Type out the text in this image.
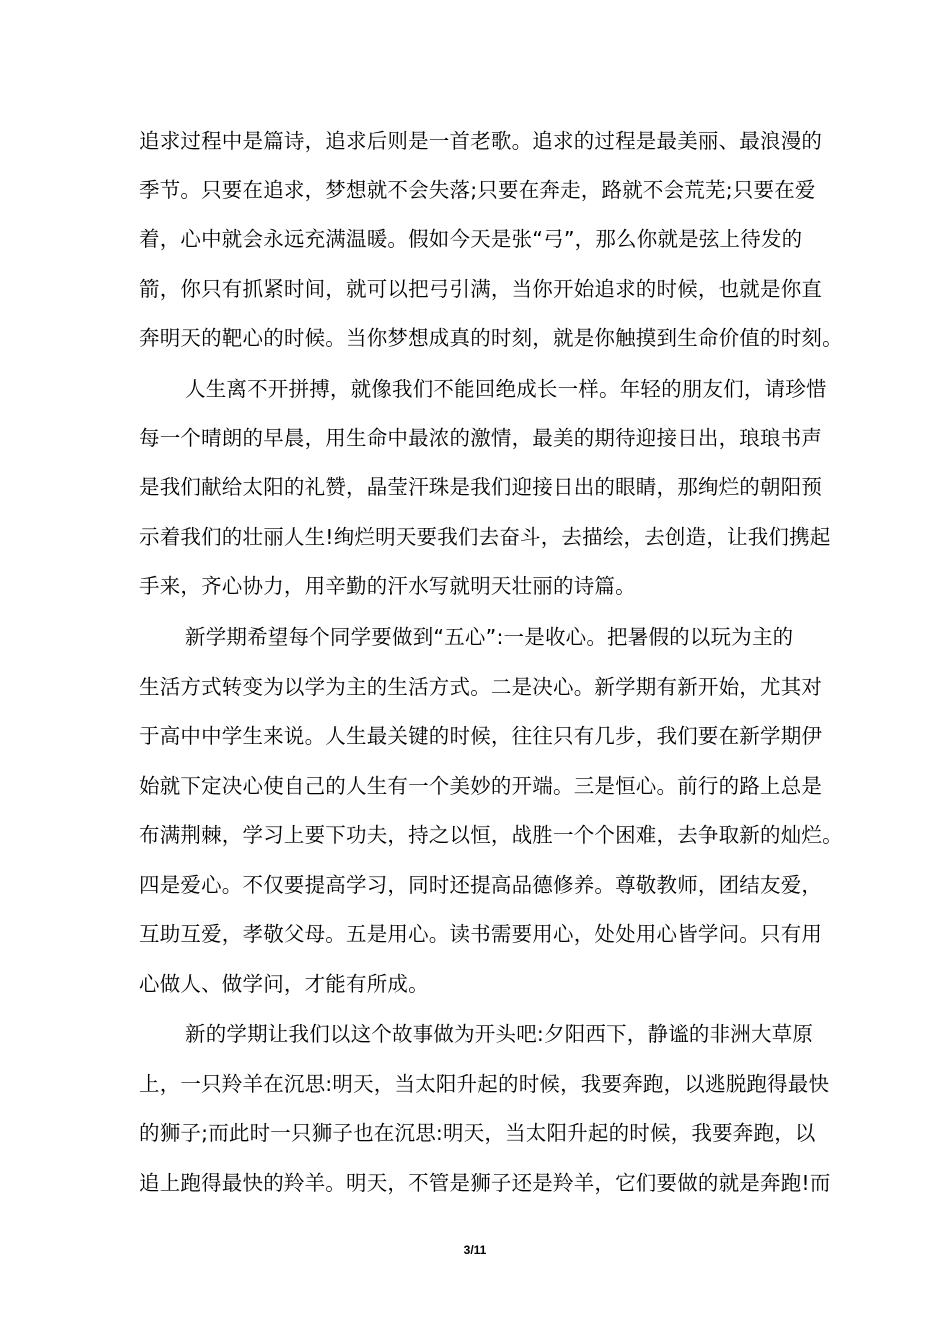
追求过程中是篇诗，追求后则是一首老歌。追求的过程是最美丽、最浪漫的
季节。只要在追求，梦想就不会失落;只要在奔走，路就不会荒芜;只要在爱
着，心中就会永远充满温暖。假如今天是张“弓”，那么你就是弦上待发的
箭，你只有抓紧时间，就可以把弓引满，当你开始追求的时候，也就是你直
奔明天的靶心的时候。当你梦想成真的时刻，就是你触摸到生命价值的时刻。
人生离不开拼搏，就像我们不能回绝成长一样。年轻的朋友们，请珍惜
每一个晴朗的早晨，用生命中最浓的激情，最美的期待迎接日出，琅琅书声
是我们献给太阳的礼赞，晶莹汗珠是我们迎接日出的眼睛，那绚烂的朝阳预
示着我们的壮丽人生!绚烂明天要我们去奋斗，去描绘，去创造，让我们携起
手来，齐心协力，用辛勤的汗水写就明天壮丽的诗篇。
新学期希望每个同学要做到“五心”:一是收心。把暑假的以玩为主的
生活方式转变为以学为主的生活方式。二是决心。新学期有新开始，尤其对
于高中中学生来说。人生最关键的时候，往往只有几步，我们要在新学期伊
始就下定决心使自己的人生有一个美妙的开端。三是恒心。前行的路上总是
布满荆棘，学习上要下功夫，持之以恒，战胜一个个困难，去争取新的灿烂。
四是爱心。不仅要提高学习，同时还提高品德修养。尊敬教师，团结友爱，
互助互爱，孝敬父母。五是用心。读书需要用心，处处用心皆学问。只有用
心做人、做学问，才能有所成。
新的学期让我们以这个故事做为开头吧:夕阳西下，静谧的非洲大草原
上，一只羚羊在沉思:明天，当太阳升起的时候，我要奔跑，以逃脱跑得最快
的狮子;而此时一只狮子也在沉思:明天，当太阳升起的时候，我要奔跑，以
追上跑得最快的羚羊。明天，不管是狮子还是羚羊，它们要做的就是奔跑!而
3/11
